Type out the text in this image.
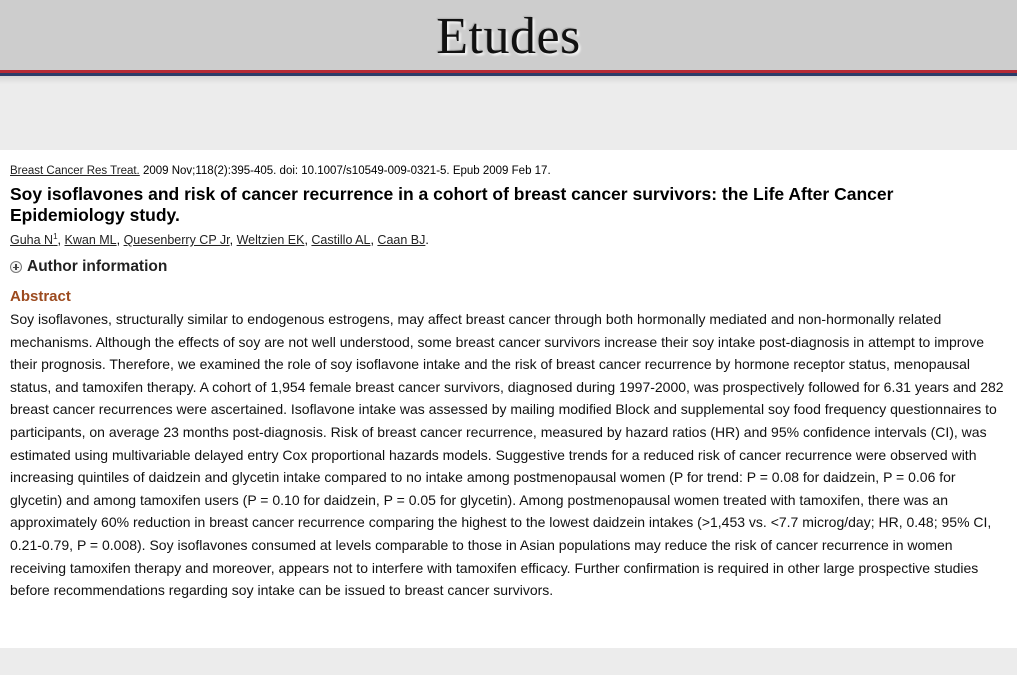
Etudes
Breast Cancer Res Treat. 2009 Nov;118(2):395-405. doi: 10.1007/s10549-009-0321-5. Epub 2009 Feb 17.
Soy isoflavones and risk of cancer recurrence in a cohort of breast cancer survivors: the Life After Cancer Epidemiology study.
Guha $N^1$, Kwan ML, Quesenberry CP Jr, Weltzien EK, Castillo AL, Caan BJ.
Author information
Abstract

Soy isoflavones, structurally similar to endogenous estrogens, may affect breast cancer through both hormonally mediated and non-hormonally related mechanisms. Although the effects of soy are not well understood, some breast cancer survivors increase their soy intake post-diagnosis in attempt to improve their prognosis. Therefore, we examined the role of soy isoflavone intake and the risk of breast cancer recurrence by hormone receptor status, menopausal status, and tamoxifen therapy. A cohort of 1,954 female breast cancer survivors, diagnosed during 1997-2000, was prospectively followed for 6.31 years and 282 breast cancer recurrences were ascertained. Isoflavone intake was assessed by mailing modified Block and supplemental soy food frequency questionnaires to participants, on average 23 months post-diagnosis. Risk of breast cancer recurrence, measured by hazard ratios (HR) and 95% confidence intervals (CI), was estimated using multivariable delayed entry Cox proportional hazards models. Suggestive trends for a reduced risk of cancer recurrence were observed with increasing quintiles of daidzein and glycetin intake compared to no intake among postmenopausal women (P for trend: P = 0.08 for daidzein, P = 0.06 for glycetin) and among tamoxifen users (P = 0.10 for daidzein, P = 0.05 for glycetin). Among postmenopausal women treated with tamoxifen, there was an approximately 60% reduction in breast cancer recurrence comparing the highest to the lowest daidzein intakes (>1,453 vs. <7.7 microg/day; HR, 0.48; 95% CI, 0.21-0.79, P = 0.008). Soy isoflavones consumed at levels comparable to those in Asian populations may reduce the risk of cancer recurrence in women receiving tamoxifen therapy and moreover, appears not to interfere with tamoxifen efficacy. Further confirmation is required in other large prospective studies before recommendations regarding soy intake can be issued to breast cancer survivors.
